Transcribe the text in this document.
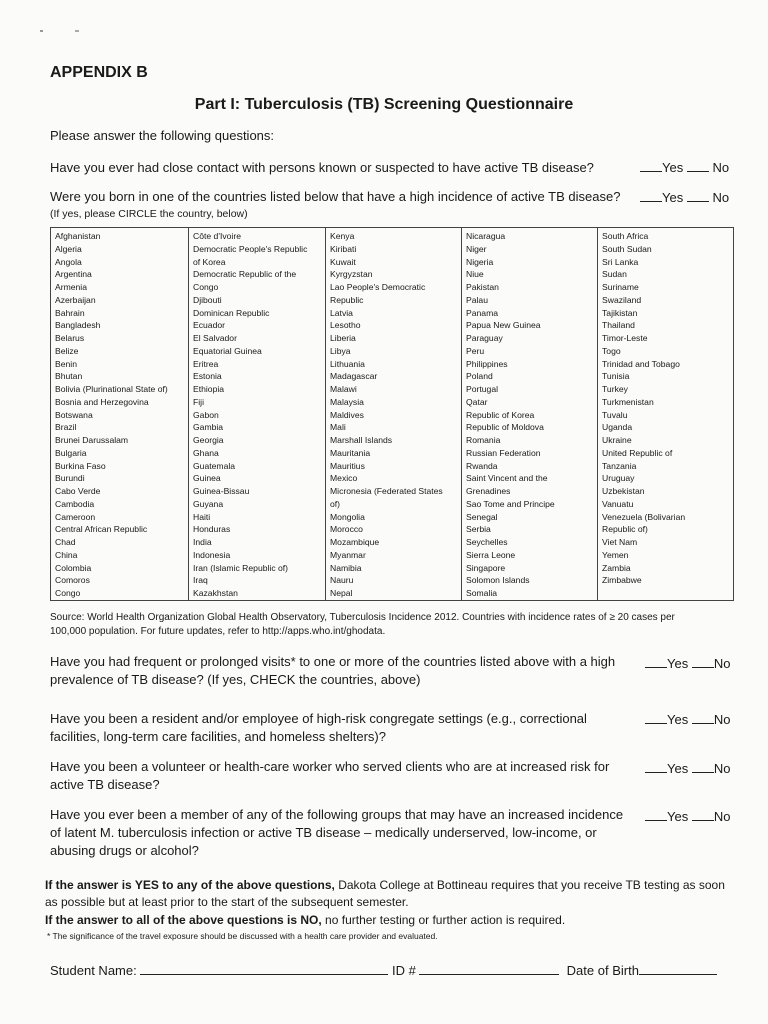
APPENDIX B
Part I: Tuberculosis (TB) Screening Questionnaire
Please answer the following questions:
Have you ever had close contact with persons known or suspected to have active TB disease?	Yes No
Were you born in one of the countries listed below that have a high incidence of active TB disease?	Yes No
(If yes, please CIRCLE the country, below)
Afghanistan
Algeria
Angola
Argentina
Armenia
Azerbaijan
Bahrain
Bangladesh
Belarus
Belize
Benin
Bhutan
Bolivia (Plurinational State of)
Bosnia and Herzegovina
Botswana
Brazil
Brunei Darussalam
Bulgaria
Burkina Faso
Burundi
Cabo Verde
Cambodia
Cameroon
Central African Republic
Chad
China
Colombia
Comoros
Congo

Côte d'Ivoire
Democratic People's Republic
of Korea
Democratic Republic of the
Congo
Djibouti
Dominican Republic
Ecuador
El Salvador
Equatorial Guinea
Eritrea
Estonia
Ethiopia
Fiji
Gabon
Gambia
Georgia
Ghana
Guatemala
Guinea
Guinea-Bissau
Guyana
Haiti
Honduras
India
Indonesia
Iran (Islamic Republic of)
Iraq
Kazakhstan

Kenya
Kiribati
Kuwait
Kyrgyzstan
Lao People's Democratic
Republic
Latvia
Lesotho
Liberia
Libya
Lithuania
Madagascar
Malawi
Malaysia
Maldives
Mali
Marshall Islands
Mauritania
Mauritius
Mexico
Micronesia (Federated States
of)
Mongolia
Morocco
Mozambique
Myanmar
Namibia
Nauru
Nepal

Nicaragua
Niger
Nigeria
Niue
Pakistan
Palau
Panama
Papua New Guinea
Paraguay
Peru
Philippines
Poland
Portugal
Qatar
Republic of Korea
Republic of Moldova
Romania
Russian Federation
Rwanda
Saint Vincent and the
Grenadines
Sao Tome and Principe
Senegal
Serbia
Seychelles
Sierra Leone
Singapore
Solomon Islands
Somalia

South Africa
South Sudan
Sri Lanka
Sudan
Suriname
Swaziland
Tajikistan
Thailand
Timor-Leste
Togo
Trinidad and Tobago
Tunisia
Turkey
Turkmenistan
Tuvalu
Uganda
Ukraine
United Republic of
Tanzania
Uruguay
Uzbekistan
Vanuatu
Venezuela (Bolivarian
Republic of)
Viet Nam
Yemen
Zambia
Zimbabwe
Source: World Health Organization Global Health Observatory, Tuberculosis Incidence 2012. Countries with incidence rates of ≥ 20 cases per
100,000 population. For future updates, refer to http://apps.who.int/ghodata.
Have you had frequent or prolonged visits* to one or more of the countries listed above with a high prevalence of TB disease? (If yes, CHECK the countries, above)
Yes No
Have you been a resident and/or employee of high-risk congregate settings (e.g., correctional facilities, long-term care facilities, and homeless shelters)?
Yes No
Have you been a volunteer or health-care worker who served clients who are at increased risk for active TB disease?
Yes No
Have you ever been a member of any of the following groups that may have an increased incidence of latent M. tuberculosis infection or active TB disease – medically underserved, low-income, or abusing drugs or alcohol?
Yes No
If the answer is YES to any of the above questions, Dakota College at Bottineau requires that you receive TB testing as soon as possible but at least prior to the start of the subsequent semester.
If the answer to all of the above questions is NO, no further testing or further action is required.
* The significance of the travel exposure should be discussed with a health care provider and evaluated.
Student Name:	ID #	Date of Birth
